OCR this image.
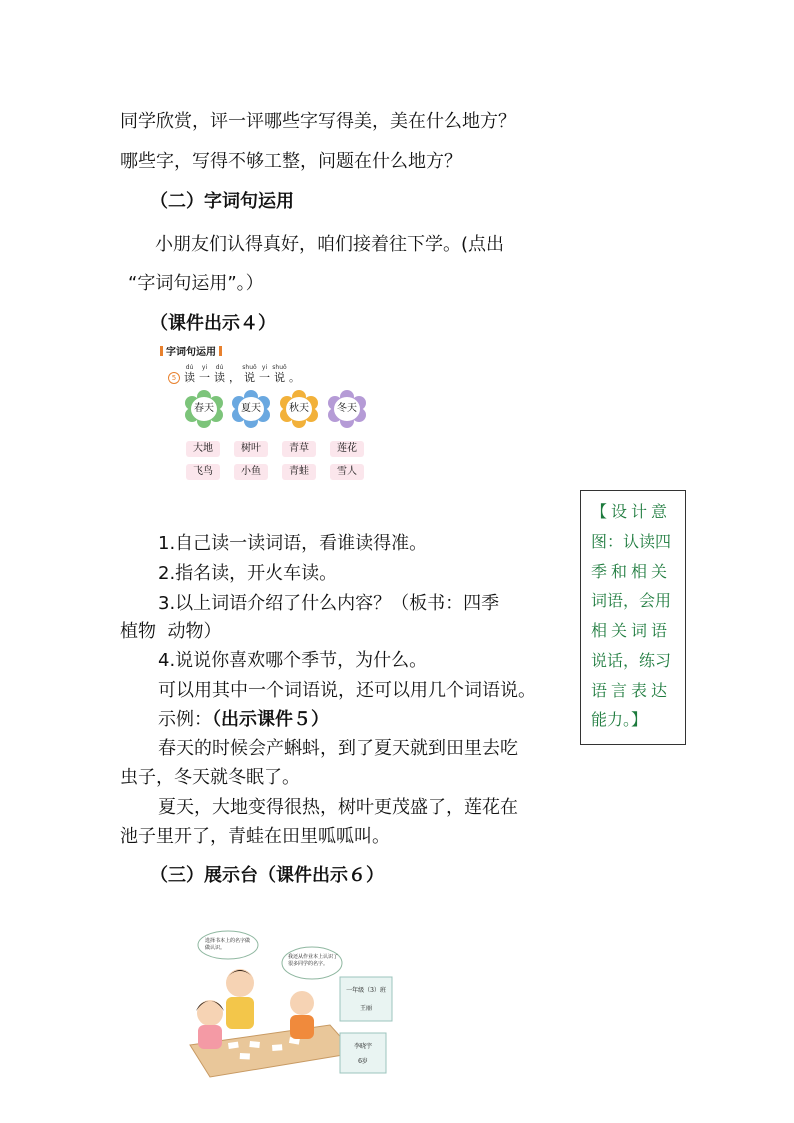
同学欣赏，评一评哪些字写得美，美在什么地方？
哪些字，写得不够工整，问题在什么地方？
（二）字词句运用
小朋友们认得真好，咱们接着往下学。(点出
“字词句运用”。）
（课件出示４）
字词句运用
5
dú
读
yi
一
dú
读
，
shuō
说
yi
一
shuō
说
。
春天	夏天	秋天	冬天
大地	树叶	青草	莲花
飞鸟	小鱼	青蛙	雪人
1.自己读一读词语，看谁读得准。
2.指名读，开火车读。
3.以上词语介绍了什么内容？（板书：四季
植物  动物）
4.说说你喜欢哪个季节，为什么。
可以用其中一个词语说，还可以用几个词语说。
示例：（出示课件５）
春天的时候会产蝌蚪，到了夏天就到田里去吃
虫子，冬天就冬眠了。
夏天，大地变得很热，树叶更茂盛了，莲花在
池子里开了，青蛙在田里呱呱叫。
（三）展示台（课件出示６）
【设计意
图：认读四
季和相关
词语，会用
相关词语
说话，练习
语言表达
能力。】
选择书本上的名字做做认识。
我还从作业本上认识了很多同学的名字。
一年级（3）班
王丽
李晓宇
6岁
